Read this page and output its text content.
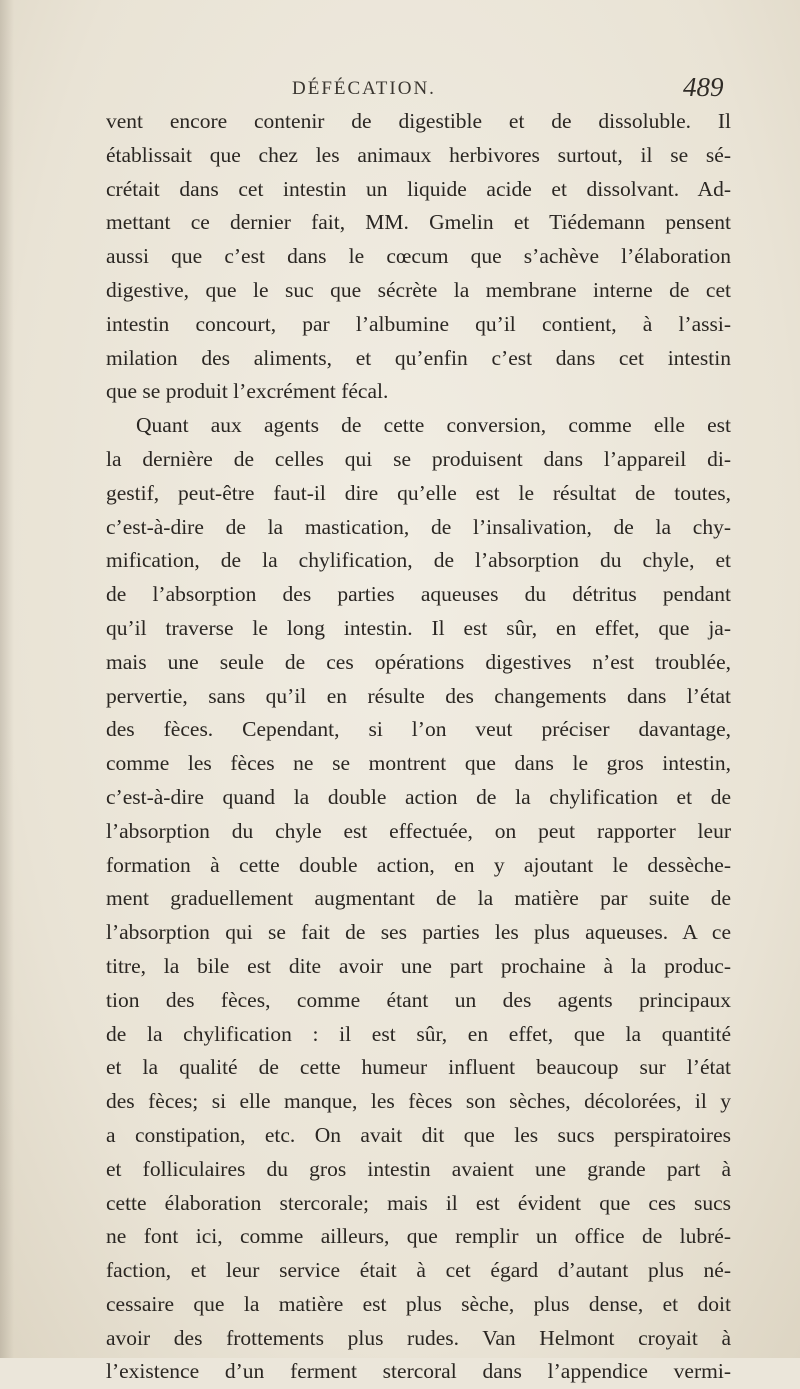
DÉFÉCATION.	489
vent encore contenir de digestible et de dissoluble. Il
établissait que chez les animaux herbivores surtout, il se sé-
crétait dans cet intestin un liquide acide et dissolvant. Ad-
mettant ce dernier fait, MM. Gmelin et Tiédemann pensent
aussi que c’est dans le cœcum que s’achève l’élaboration
digestive, que le suc que sécrète la membrane interne de cet
intestin concourt, par l’albumine qu’il contient, à l’assi-
milation des aliments, et qu’enfin c’est dans cet intestin
que se produit l’excrément fécal.
Quant aux agents de cette conversion, comme elle est
la dernière de celles qui se produisent dans l’appareil di-
gestif, peut-être faut-il dire qu’elle est le résultat de toutes,
c’est-à-dire de la mastication, de l’insalivation, de la chy-
mification, de la chylification, de l’absorption du chyle, et
de l’absorption des parties aqueuses du détritus pendant
qu’il traverse le long intestin. Il est sûr, en effet, que ja-
mais une seule de ces opérations digestives n’est troublée,
pervertie, sans qu’il en résulte des changements dans l’état
des fèces. Cependant, si l’on veut préciser davantage,
comme les fèces ne se montrent que dans le gros intestin,
c’est-à-dire quand la double action de la chylification et de
l’absorption du chyle est effectuée, on peut rapporter leur
formation à cette double action, en y ajoutant le dessèche-
ment graduellement augmentant de la matière par suite de
l’absorption qui se fait de ses parties les plus aqueuses. A ce
titre, la bile est dite avoir une part prochaine à la produc-
tion des fèces, comme étant un des agents principaux
de la chylification : il est sûr, en effet, que la quantité
et la qualité de cette humeur influent beaucoup sur l’état
des fèces; si elle manque, les fèces son sèches, décolorées, il y
a constipation, etc. On avait dit que les sucs perspiratoires
et folliculaires du gros intestin avaient une grande part à
cette élaboration stercorale; mais il est évident que ces sucs
ne font ici, comme ailleurs, que remplir un office de lubré-
faction, et leur service était à cet égard d’autant plus né-
cessaire que la matière est plus sèche, plus dense, et doit
avoir des frottements plus rudes. Van Helmont croyait à
l’existence d’un ferment stercoral dans l’appendice vermi-
